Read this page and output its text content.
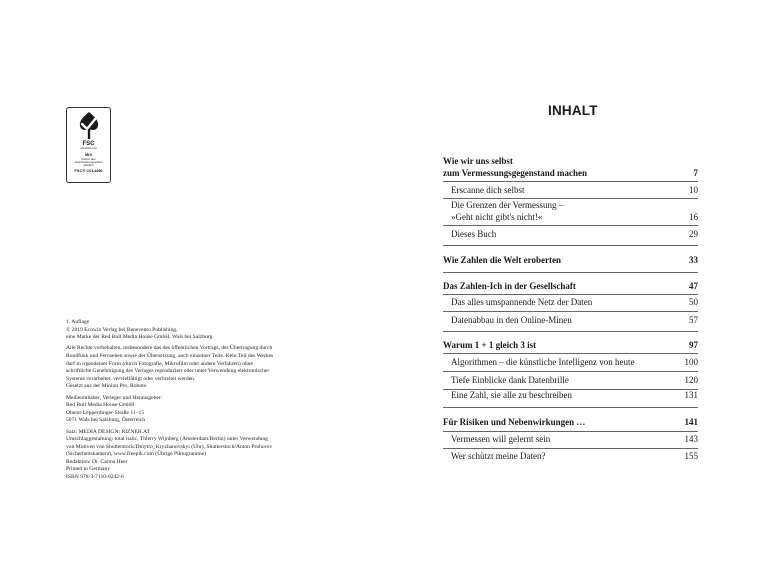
FSC
www.fsc.org
MIX
Papier aus verantwortungsvollen Quellen
FSC® C014496
1. Auflage
© 2019 Ecowin Verlag bei Benevento Publishing,
eine Marke der Red Bull Media House GmbH, Wals bei Salzburg
Alle Rechte vorbehalten, insbesondere das des öffentlichen Vortrags, der Übertragung durch
Rundfunk und Fernsehen sowie der Übersetzung, auch einzelner Teile. Kein Teil des Werkes
darf in irgendeiner Form (durch Fotografie, Mikrofilm oder andere Verfahren) ohne
schriftliche Genehmigung des Verlages reproduziert oder unter Verwendung elektronischer
Systeme verarbeitet, vervielfältigt oder verbreitet werden.
Gesetzt aus der Minion Pro, Roboto
Medieninhaber, Verleger und Herausgeber:
Red Bull Media House GmbH
Oberst-Lepperdinger-Straße 11–15
5071 Wals bei Salzburg, Österreich
Satz: MEDIA DESIGN: RIZNER.AT
Umschlaggestaltung: total italic, Thierry Wijnberg (Amsterdam/Berlin) unter Verwendung
von Motiven von Shutterstock/Dmytro_Kryzhanovskyi (Uhr), Shutterstock/Anton Prohorov
(Sicherheitskamera), www.freepik.com (Übrige Piktogramme)
Redaktion: Dr. Carina Heer
Printed in Germany
ISBN 978-3-7110-0242-6
INHALT
Wie wir uns selbst
zum Vermessungsgegenstand machen	7
Erscanne dich selbst	10
Die Grenzen der Vermessung –
»Geht nicht gibt's nicht!«	16
Dieses Buch	29
Wie Zahlen die Welt eroberten	33
Das Zahlen-Ich in der Gesellschaft	47
Das alles umspannende Netz der Daten	50
Datenabbau in den Online-Minen	57
Warum 1 + 1 gleich 3 ist	97
Algorithmen – die künstliche Intelligenz von heute	100
Tiefe Einblicke dank Datenbrille	120
Eine Zahl, sie alle zu beschreiben	131
Für Risiken und Nebenwirkungen …	141
Vermessen will gelernt sein	143
Wer schützt meine Daten?	155
